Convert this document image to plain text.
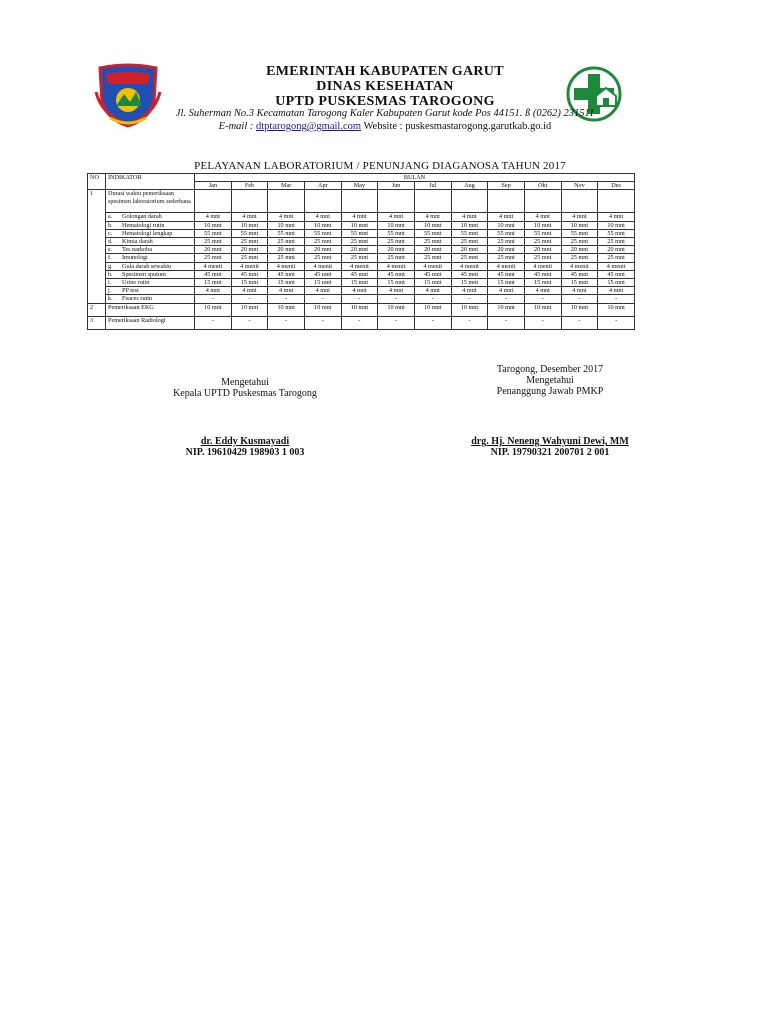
EMERINTAH KABUPATEN GARUT
DINAS KESEHATAN
UPTD PUSKESMAS TAROGONG
Jl. Suherman No.3 Kecamatan Tarogong Kaler Kabupaten Garut kode Pos 44151. ß (0262) 231511
E-mail : dtptarogong@gmail.com Website : puskesmastarogong.garutkab.go.id
PELAYANAN LABORATORIUM / PENUNJANG DIAGANOSA TAHUN 2017
NO	INDIKATOR	BULAN											
		Jan	Feb	Mar	Apr	May	Jun	Jul	Aug	Sep	Okt	Nov	Des
1	Durasi waktu pemeriksaan spesimen laboratorium sederhana												
	a. Golongan darah	4 mnt	4 mnt	4 mnt	4 mnt	4 mnt	4 mnt	4 mnt	4 mnt	4 mnt	4 mnt	4 mnt	4 mnt
	b. Hematologi rutin	10 mnt	10 mnt	10 mnt	10 mnt	10 mnt	10 mnt	10 mnt	10 mnt	10 mnt	10 mnt	10 mnt	10 mnt
	c. Hematologi lengkap	55 mnt	55 mnt	55 mnt	55 mnt	55 mnt	55 mnt	55 mnt	55 mnt	55 mnt	55 mnt	55 mnt	55 mnt
	d. Kimia darah	25 mnt	25 mnt	25 mnt	25 mnt	25 mnt	25 mnt	25 mnt	25 mnt	25 mnt	25 mnt	25 mnt	25 mnt
	e. Tes narkoba	20 mnt	20 mnt	20 mnt	20 mnt	20 mnt	20 mnt	20 mnt	20 mnt	20 mnt	20 mnt	20 mnt	20 mnt
	f. Imunologi	25 mnt	25 mnt	25 mnt	25 mnt	25 mnt	25 mnt	25 mnt	25 mnt	25 mnt	25 mnt	25 mnt	25 mnt
	g. Gula darah sewaktu	4 menit	4 menit	4 menit	4 menit	4 menit	4 menit	4 menit	4 menit	4 menit	4 menit	4 menit	4 menit
	h. Spesimen sputum	45 mnt	45 mnt	45 mnt	45 mnt	45 mnt	45 mnt	45 mnt	45 mnt	45 mnt	45 mnt	45 mnt	45 mnt
	i. Urine rutin	15 mnt	15 mnt	15 mnt	15 mnt	15 mnt	15 mnt	15 mnt	15 mnt	15 mnt	15 mnt	15 mnt	15 mnt
	j. PP test	4 mnt	4 mnt	4 mnt	4 mnt	4 mnt	4 mnt	4 mnt	4 mnt	4 mnt	4 mnt	4 mnt	4 mnt
	k. Feaces rutin	-	-	-	-	-	-	-	-	-	-	-	-
2	Pemeriksaan EKG	10 mnt	10 mnt	10 mnt	10 mnt	10 mnt	10 mnt	10 mnt	10 mnt	10 mnt	10 mnt	10 mnt	10 mnt
3	Pemeriksaan Radiologi	-	-	-	-	-	-	-	-	-	-	-	-
Mengetahui
Kepala UPTD Puskesmas Tarogong
dr. Eddy Kusmayadi
NIP. 19610429 198903 1 003
Tarogong, Desember 2017
Mengetahui
Penanggung Jawab PMKP
drg. Hj. Neneng Wahyuni Dewi, MM
NIP. 19790321 200701 2 001
